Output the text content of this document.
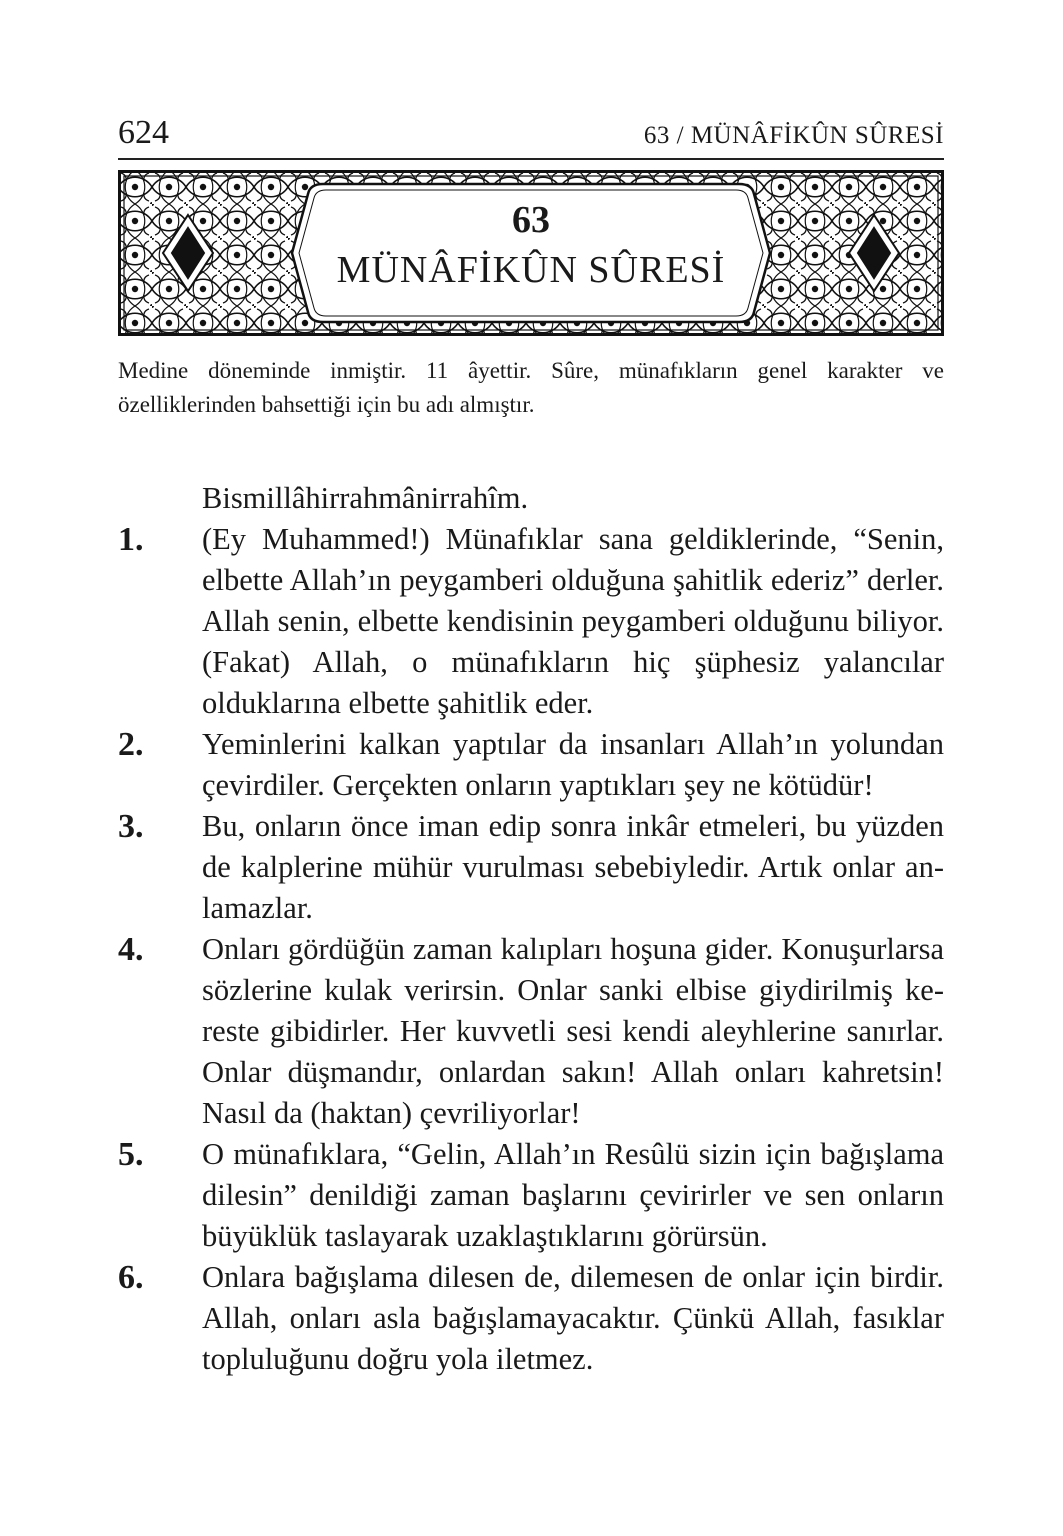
624	63 / MÜNÂFİKÛN SÛRESİ
63
MÜNÂFİKÛN SÛRESİ
Medine döneminde inmiştir. 11 âyettir. Sûre, münafıkların genel karakter ve özelliklerinden bahsettiği için bu adı almıştır.
Bismillâhirrahmânirrahîm.
1.	(Ey Muhammed!) Münafıklar sana geldiklerinde, “Senin, elbette Allah’ın peygamberi olduğuna şahitlik ederiz” derler. Allah senin, elbette kendisinin peygamberi olduğunu biliyor. (Fakat) Allah, o münafıkların hiç şüphesiz yalancılar olduklarına elbette şahitlik eder.
2.	Yeminlerini kalkan yaptılar da insanları Allah’ın yolundan çevirdiler. Gerçekten onların yaptıkları şey ne kötüdür!
3.	Bu, onların önce iman edip sonra inkâr etmeleri, bu yüzden de kalplerine mühür vurulması sebebiyledir. Artık onlar anlamazlar.
4.	Onları gördüğün zaman kalıpları hoşuna gider. Konuşurlarsa sözlerine kulak verirsin. Onlar sanki elbise giydirilmiş kereste gibidirler. Her kuvvetli sesi kendi aleyhlerine sanırlar. Onlar düşmandır, onlardan sakın! Allah onları kahretsin! Nasıl da (haktan) çevriliyorlar!
5.	O münafıklara, “Gelin, Allah’ın Resûlü sizin için bağışlama dilesin” denildiği zaman başlarını çevirirler ve sen onların büyüklük taslayarak uzaklaştıklarını görürsün.
6.	Onlara bağışlama dilesen de, dilemesen de onlar için birdir. Allah, onları asla bağışlamayacaktır. Çünkü Allah, fasıklar topluluğunu doğru yola iletmez.
